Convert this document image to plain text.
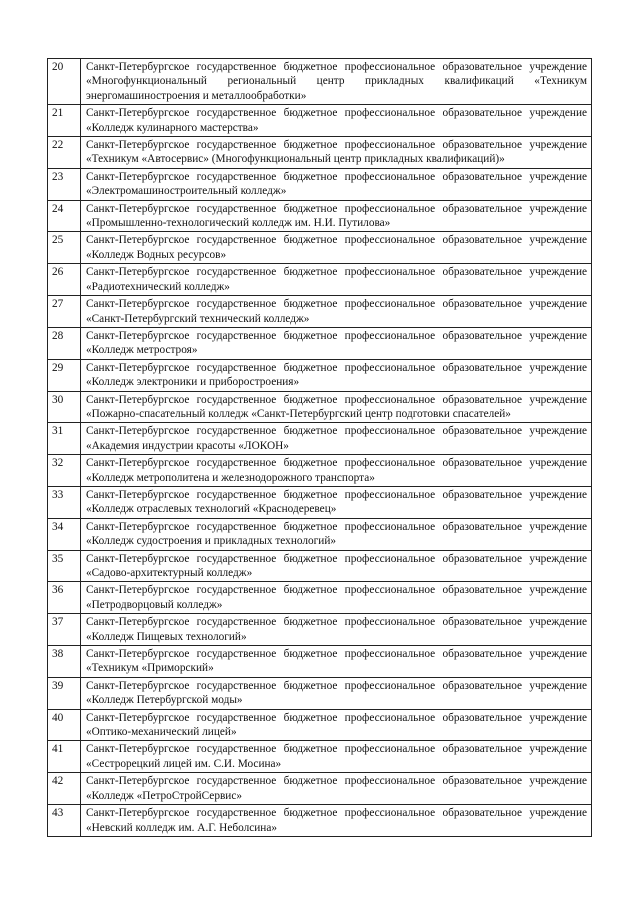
20	Санкт-Петербургское государственное бюджетное профессиональное образовательное учреждение «Многофункциональный региональный центр прикладных квалификаций «Техникум энергомашиностроения и металлообработки»
21	Санкт-Петербургское государственное бюджетное профессиональное образовательное учреждение «Колледж кулинарного мастерства»
22	Санкт-Петербургское государственное бюджетное профессиональное образовательное учреждение «Техникум «Автосервис» (Многофункциональный центр прикладных квалификаций)»
23	Санкт-Петербургское государственное бюджетное профессиональное образовательное учреждение «Электромашиностроительный колледж»
24	Санкт-Петербургское государственное бюджетное профессиональное образовательное учреждение «Промышленно-технологический колледж им. Н.И. Путилова»
25	Санкт-Петербургское государственное бюджетное профессиональное образовательное учреждение «Колледж Водных ресурсов»
26	Санкт-Петербургское государственное бюджетное профессиональное образовательное учреждение «Радиотехнический колледж»
27	Санкт-Петербургское государственное бюджетное профессиональное образовательное учреждение «Санкт-Петербургский технический колледж»
28	Санкт-Петербургское государственное бюджетное профессиональное образовательное учреждение «Колледж метростроя»
29	Санкт-Петербургское государственное бюджетное профессиональное образовательное учреждение «Колледж электроники и приборостроения»
30	Санкт-Петербургское государственное бюджетное профессиональное образовательное учреждение «Пожарно-спасательный колледж «Санкт-Петербургский центр подготовки спасателей»
31	Санкт-Петербургское государственное бюджетное профессиональное образовательное учреждение «Академия индустрии красоты «ЛОКОН»
32	Санкт-Петербургское государственное бюджетное профессиональное образовательное учреждение «Колледж метрополитена и железнодорожного транспорта»
33	Санкт-Петербургское государственное бюджетное профессиональное образовательное учреждение «Колледж отраслевых технологий «Краснодеревец»
34	Санкт-Петербургское государственное бюджетное профессиональное образовательное учреждение «Колледж судостроения и прикладных технологий»
35	Санкт-Петербургское государственное бюджетное профессиональное образовательное учреждение «Садово-архитектурный колледж»
36	Санкт-Петербургское государственное бюджетное профессиональное образовательное учреждение «Петродворцовый колледж»
37	Санкт-Петербургское государственное бюджетное профессиональное образовательное учреждение «Колледж Пищевых технологий»
38	Санкт-Петербургское государственное бюджетное профессиональное образовательное учреждение «Техникум «Приморский»
39	Санкт-Петербургское государственное бюджетное профессиональное образовательное учреждение «Колледж Петербургской моды»
40	Санкт-Петербургское государственное бюджетное профессиональное образовательное учреждение «Оптико-механический лицей»
41	Санкт-Петербургское государственное бюджетное профессиональное образовательное учреждение «Сестрорецкий лицей им. С.И. Мосина»
42	Санкт-Петербургское государственное бюджетное профессиональное образовательное учреждение «Колледж «ПетроСтройСервис»
43	Санкт-Петербургское государственное бюджетное профессиональное образовательное учреждение «Невский колледж им. А.Г. Неболсина»
